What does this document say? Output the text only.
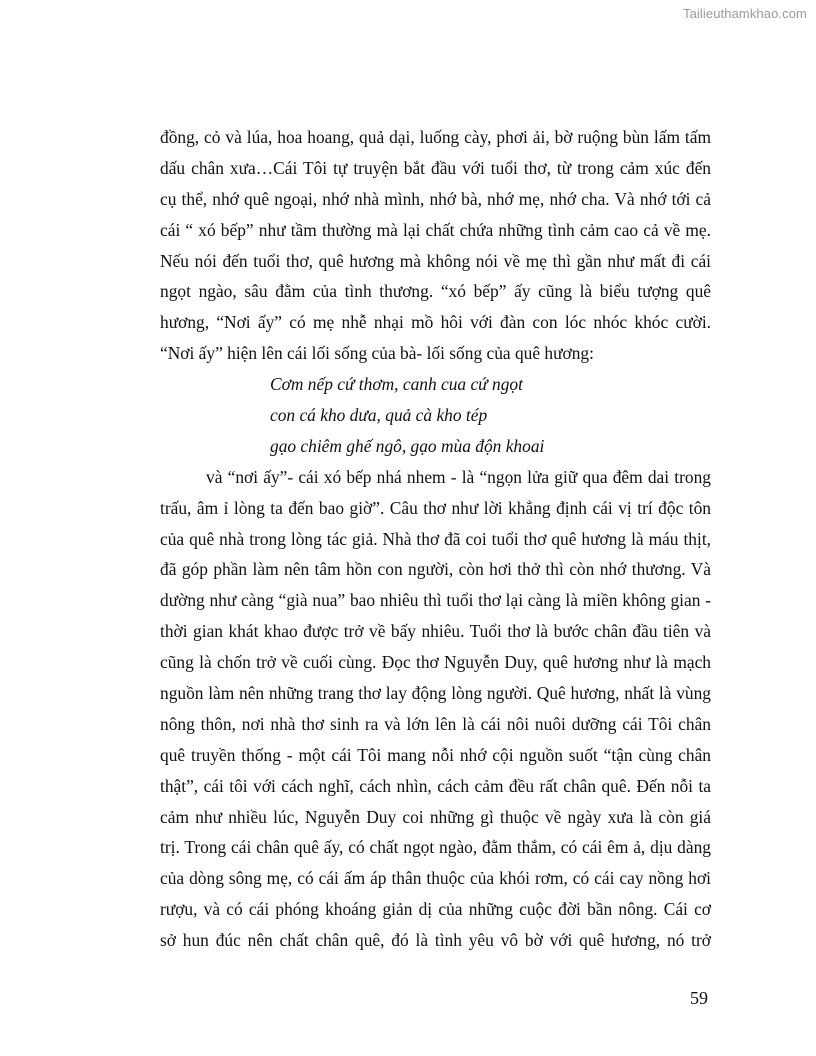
Tailieuthamkhao.com
đồng, cỏ và lúa, hoa hoang, quả dại, luống cày, phơi ải, bờ ruộng bùn lấm tấm
dấu chân xưa…Cái Tôi tự truyện bắt đầu với tuổi thơ, từ trong cảm xúc đến
cụ thể, nhớ quê ngoại, nhớ nhà mình, nhớ bà, nhớ mẹ, nhớ cha. Và nhớ tới cả
cái “ xó bếp” như tầm thường mà lại chất chứa những tình cảm cao cả về mẹ.
Nếu nói đến tuổi thơ, quê hương mà không nói về mẹ thì gần như mất đi cái
ngọt ngào, sâu đằm của tình thương. “xó bếp” ấy cũng là biểu tượng quê
hương, “Nơi ấy” có mẹ nhễ nhại mồ hôi với đàn con lóc nhóc khóc cười.
“Nơi ấy” hiện lên cái lối sống của bà- lối sống của quê hương:
Cơm nếp cứ thơm, canh cua cứ ngọt
con cá kho dưa, quả cà kho tép
gạo chiêm ghế ngô, gạo mùa độn khoai
và “nơi ấy”- cái xó bếp nhá nhem - là “ngọn lửa giữ qua đêm dai trong
trấu, âm ỉ lòng ta đến bao giờ”. Câu thơ như lời khẳng định cái vị trí độc tôn
của quê nhà trong lòng tác giả. Nhà thơ đã coi tuổi thơ quê hương là máu thịt,
đã góp phần làm nên tâm hồn con người, còn hơi thở thì còn nhớ thương. Và
dường như càng “già nua” bao nhiêu thì tuổi thơ lại càng là miền không gian -
thời gian khát khao được trở về bấy nhiêu. Tuổi thơ là bước chân đầu tiên và
cũng là chốn trở về cuối cùng. Đọc thơ Nguyễn Duy, quê hương như là mạch
nguồn làm nên những trang thơ lay động lòng người. Quê hương, nhất là vùng
nông thôn, nơi nhà thơ sinh ra và lớn lên là cái nôi nuôi dưỡng cái Tôi chân
quê truyền thống - một cái Tôi mang nỗi nhớ cội nguồn suốt “tận cùng chân
thật”, cái tôi với cách nghĩ, cách nhìn, cách cảm đều rất chân quê. Đến nỗi ta
cảm như nhiều lúc, Nguyễn Duy coi những gì thuộc về ngày xưa là còn giá
trị. Trong cái chân quê ấy, có chất ngọt ngào, đằm thắm, có cái êm ả, dịu dàng
của dòng sông mẹ, có cái ấm áp thân thuộc của khói rơm, có cái cay nồng hơi
rượu, và có cái phóng khoáng giản dị của những cuộc đời bần nông. Cái cơ
sở hun đúc nên chất chân quê, đó là tình yêu vô bờ với quê hương, nó trở
59
